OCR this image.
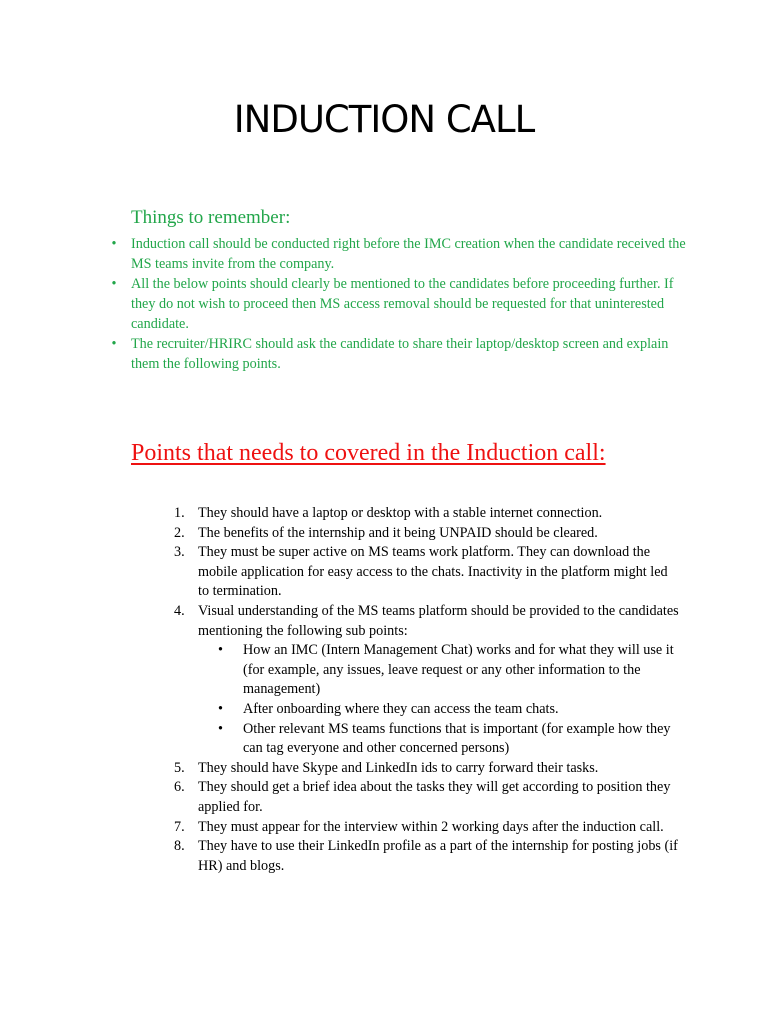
INDUCTION CALL
Things to remember:
•	Induction call should be conducted right before the IMC creation when the candidate received the MS teams invite from the company.
•	All the below points should clearly be mentioned to the candidates before proceeding further. If they do not wish to proceed then MS access removal should be requested for that uninterested candidate.
•	The recruiter/HRIRC should ask the candidate to share their laptop/desktop screen and explain them the following points.
Points that needs to covered in the Induction call:
1. They should have a laptop or desktop with a stable internet connection.
2. The benefits of the internship and it being UNPAID should be cleared.
3. They must be super active on MS teams work platform. They can download the mobile application for easy access to the chats. Inactivity in the platform might led to termination.
4. Visual understanding of the MS teams platform should be provided to the candidates mentioning the following sub points:
• How an IMC (Intern Management Chat) works and for what they will use it (for example, any issues, leave request or any other information to the management)
• After onboarding where they can access the team chats.
• Other relevant MS teams functions that is important (for example how they can tag everyone and other concerned persons)
5. They should have Skype and LinkedIn ids to carry forward their tasks.
6. They should get a brief idea about the tasks they will get according to position they applied for.
7. They must appear for the interview within 2 working days after the induction call.
8. They have to use their LinkedIn profile as a part of the internship for posting jobs (if HR) and blogs.
